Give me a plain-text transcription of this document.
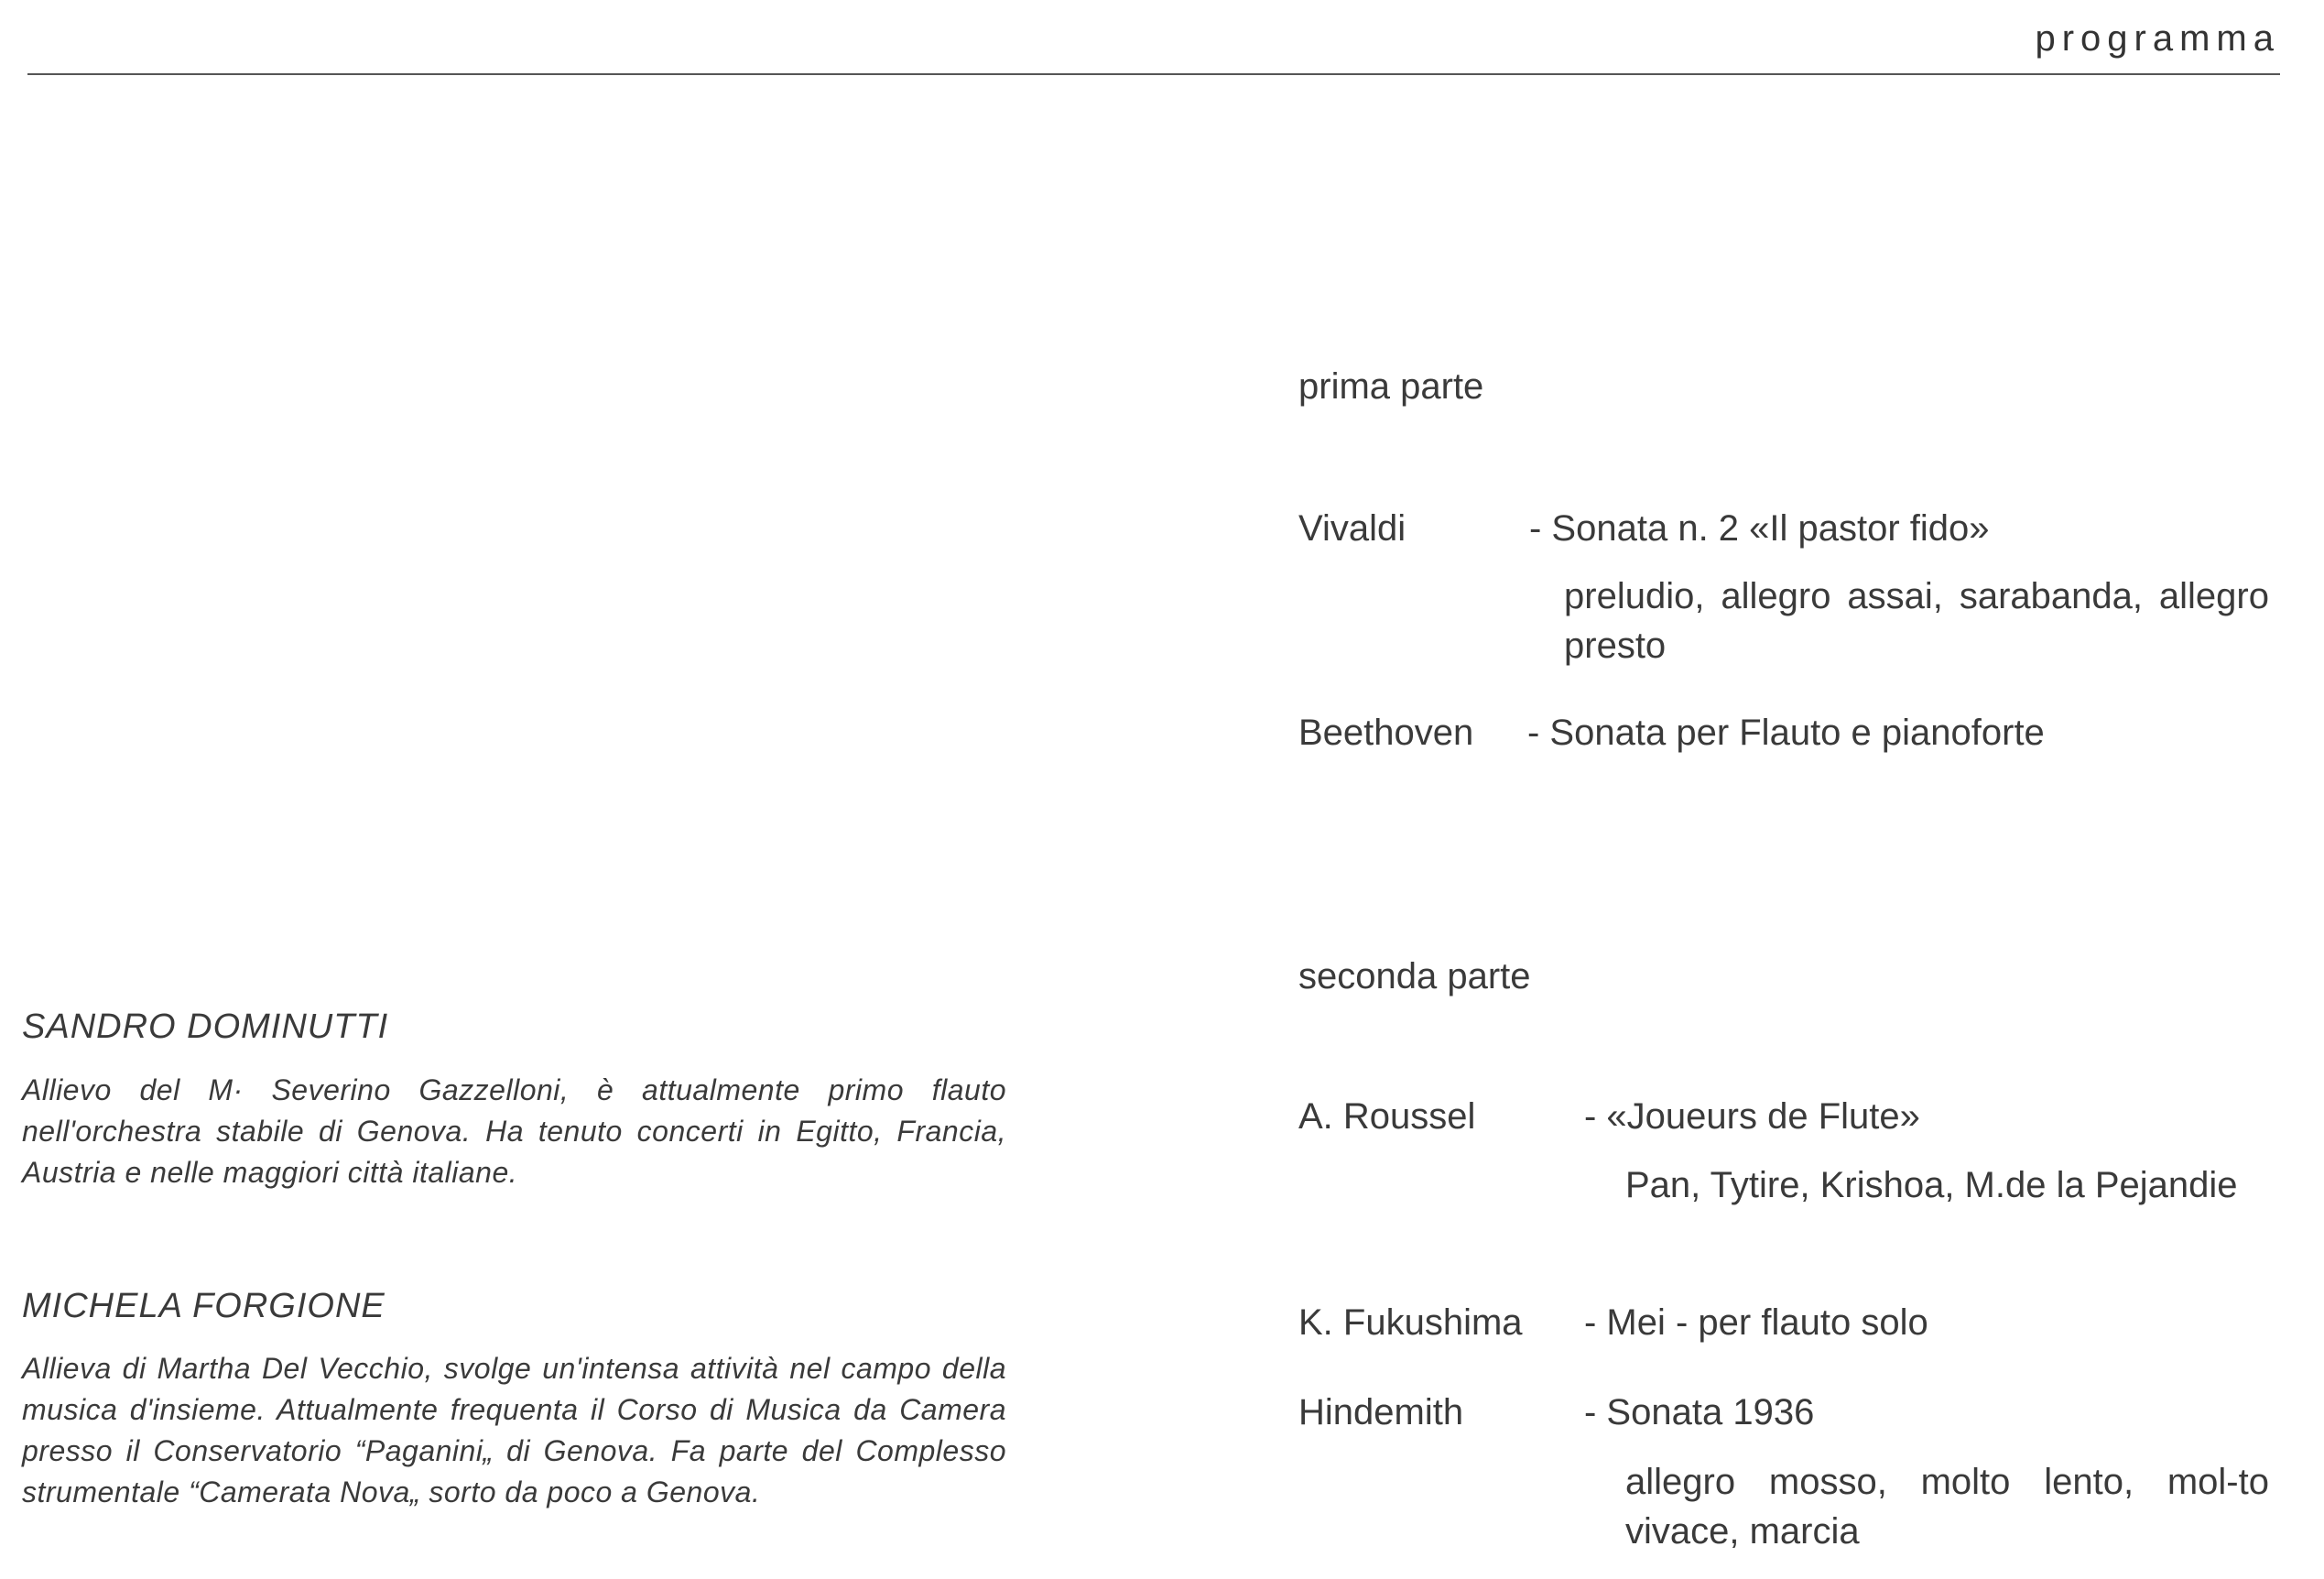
programma
prima parte
Vivaldi	- Sonata n. 2 «Il pastor fido»
preludio, allegro assai, sarabanda, allegro presto
Beethoven - Sonata per Flauto e pianoforte
seconda parte
A. Roussel	- «Joueurs de Flute»
Pan, Tytire, Krishoa, M.de la Pejandie
K. Fukushima - Mei - per flauto solo
Hindemith	- Sonata 1936
allegro mosso, molto lento, mol-to vivace, marcia
SANDRO DOMINUTTI
Allievo del M· Severino Gazzelloni, è attualmente primo flauto nell'orchestra stabile di Genova. Ha tenuto concerti in Egitto, Francia, Austria e nelle maggiori città italiane.
MICHELA FORGIONE
Allieva di Martha Del Vecchio, svolge un'intensa attività nel campo della musica d'insieme. Attualmente frequenta il Corso di Musica da Camera presso il Conservatorio “Paganini„ di Genova. Fa parte del Complesso strumentale “Camerata Nova„ sorto da poco a Genova.
